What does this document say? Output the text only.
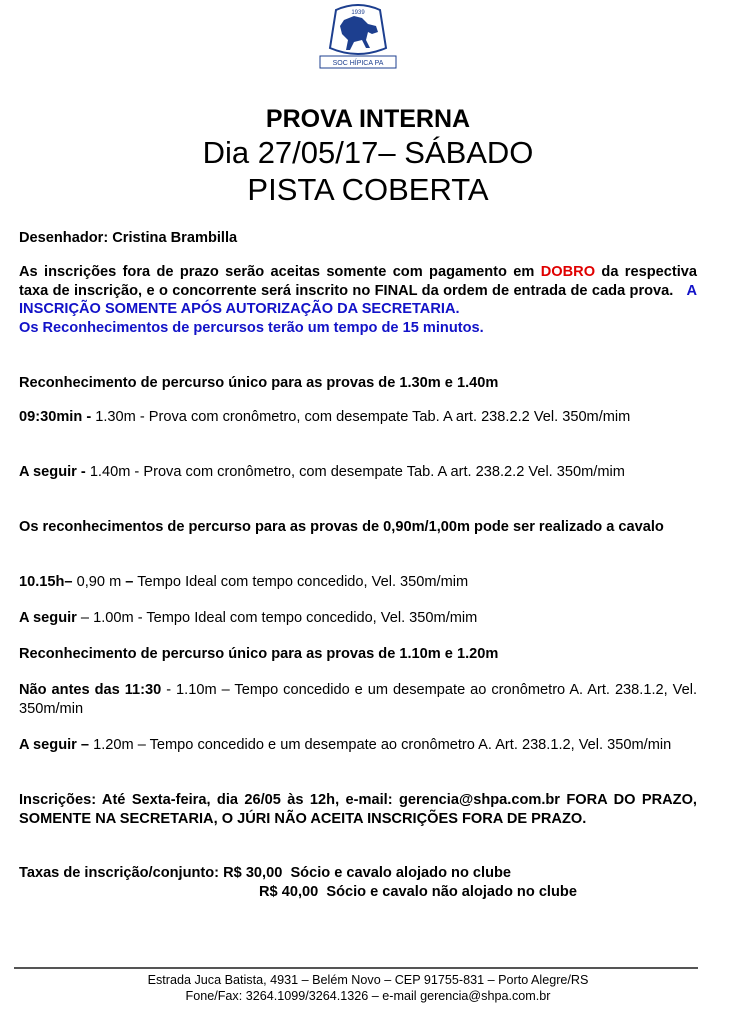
1939
SOC HÍPICA PA
PROVA INTERNA
Dia 27/05/17– SÁBADO
PISTA COBERTA
Desenhador: Cristina Brambilla
As inscrições fora de prazo serão aceitas somente com pagamento em DOBRO da respectiva taxa de inscrição, e o concorrente será inscrito no FINAL da ordem de entrada de cada prova. A INSCRIÇÃO SOMENTE APÓS AUTORIZAÇÃO DA SECRETARIA.
Os Reconhecimentos de percursos terão um tempo de 15 minutos.
Reconhecimento de percurso único para as provas de 1.30m e 1.40m
09:30min - 1.30m - Prova com cronômetro, com desempate Tab. A art. 238.2.2 Vel. 350m/mim
A seguir - 1.40m - Prova com cronômetro, com desempate Tab. A art. 238.2.2 Vel. 350m/mim
Os reconhecimentos de percurso para as provas de 0,90m/1,00m pode ser realizado a cavalo
10.15h– 0,90 m – Tempo Ideal com tempo concedido, Vel. 350m/mim
A seguir – 1.00m - Tempo Ideal com tempo concedido, Vel. 350m/mim
Reconhecimento de percurso único para as provas de 1.10m e 1.20m
Não antes das 11:30 - 1.10m – Tempo concedido e um desempate ao cronômetro A. Art. 238.1.2, Vel. 350m/min
A seguir – 1.20m – Tempo concedido e um desempate ao cronômetro A. Art. 238.1.2, Vel. 350m/min
Inscrições: Até Sexta-feira, dia 26/05 às 12h, e-mail: gerencia@shpa.com.br FORA DO PRAZO, SOMENTE NA SECRETARIA, O JÚRI NÃO ACEITA INSCRIÇÕES FORA DE PRAZO.
Taxas de inscrição/conjunto: R$ 30,00 Sócio e cavalo alojado no clube
R$ 40,00 Sócio e cavalo não alojado no clube
Estrada Juca Batista, 4931 – Belém Novo – CEP 91755-831 – Porto Alegre/RS
Fone/Fax: 3264.1099/3264.1326 – e-mail gerencia@shpa.com.br
